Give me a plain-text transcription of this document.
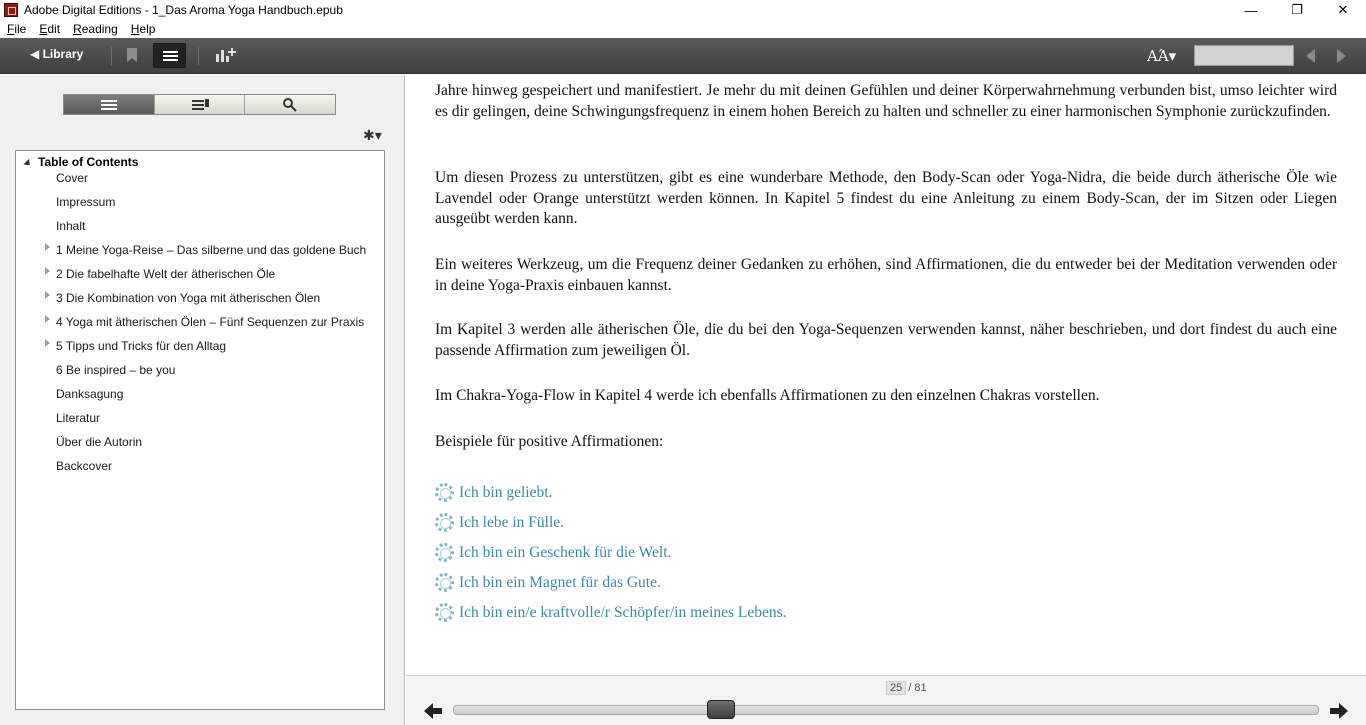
Adobe Digital Editions - 1_Das Aroma Yoga Handbuch.epub	—	❐	✕
File Edit Reading Help
◀ Library	AΆ▾
✱▾
Table of Contents
Cover
Impressum
Inhalt
1 Meine Yoga-Reise – Das silberne und das goldene Buch
2 Die fabelhafte Welt der ätherischen Öle
3 Die Kombination von Yoga mit ätherischen Ölen
4 Yoga mit ätherischen Ölen – Fünf Sequenzen zur Praxis
5 Tipps und Tricks für den Alltag
6 Be inspired – be you
Danksagung
Literatur
Über die Autorin
Backcover
Jahre hinweg gespeichert und manifestiert. Je mehr du mit deinen Gefühlen und deiner Körperwahrnehmung verbunden bist, umso leichter wird es dir gelingen, deine Schwingungsfrequenz in einem hohen Bereich zu halten und schneller zu einer harmonischen Symphonie zurückzufinden.
Um diesen Prozess zu unterstützen, gibt es eine wunderbare Methode, den Body-Scan oder Yoga-Nidra, die beide durch ätherische Öle wie Lavendel oder Orange unterstützt werden können. In Kapitel 5 findest du eine Anleitung zu einem Body-Scan, der im Sitzen oder Liegen ausgeübt werden kann.
Ein weiteres Werkzeug, um die Frequenz deiner Gedanken zu erhöhen, sind Affirmationen, die du entweder bei der Meditation verwenden oder in deine Yoga-Praxis einbauen kannst.
Im Kapitel 3 werden alle ätherischen Öle, die du bei den Yoga-Sequenzen verwenden kannst, näher beschrieben, und dort findest du auch eine passende Affirmation zum jeweiligen Öl.
Im Chakra-Yoga-Flow in Kapitel 4 werde ich ebenfalls Affirmationen zu den einzelnen Chakras vorstellen.
Beispiele für positive Affirmationen:
Ich bin geliebt.
Ich lebe in Fülle.
Ich bin ein Geschenk für die Welt.
Ich bin ein Magnet für das Gute.
Ich bin ein/e kraftvolle/r Schöpfer/in meines Lebens.
25 / 81
